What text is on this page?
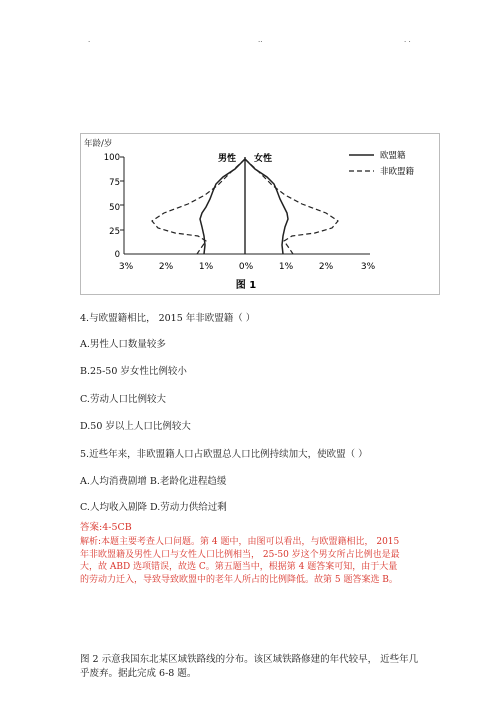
.	..	. .
年龄/岁
100
75
50
25
0
男性 女性	欧盟籍
非欧盟籍
3%	2%	1%	0%	1%	2%	3%
图 1
4.与欧盟籍相比， 2015 年非欧盟籍（ ）
A.男性人口数量较多
B.25-50 岁女性比例较小
C.劳动人口比例较大
D.50 岁以上人口比例较大
5.近些年来，非欧盟籍人口占欧盟总人口比例持续加大，使欧盟（ ）
A.人均消费剧增 B.老龄化进程趋缓
C.人均收入剧降 D.劳动力供给过剩
答案:4-5CB
解析:本题主要考查人口问题。第 4 题中，由图可以看出，与欧盟籍相比， 2015
年非欧盟籍及男性人口与女性人口比例相当， 25-50 岁这个男女所占比例也是最
大，故 ABD 选项错误，故选 C。第五题当中，根据第 4 题答案可知，由于大量
的劳动力迁入，导致导致欧盟中的老年人所占的比例降低。故第 5 题答案选 B。
图 2 示意我国东北某区域铁路线的分布。该区域铁路修建的年代较早， 近些年几
乎废弃。据此完成 6-8 题。
